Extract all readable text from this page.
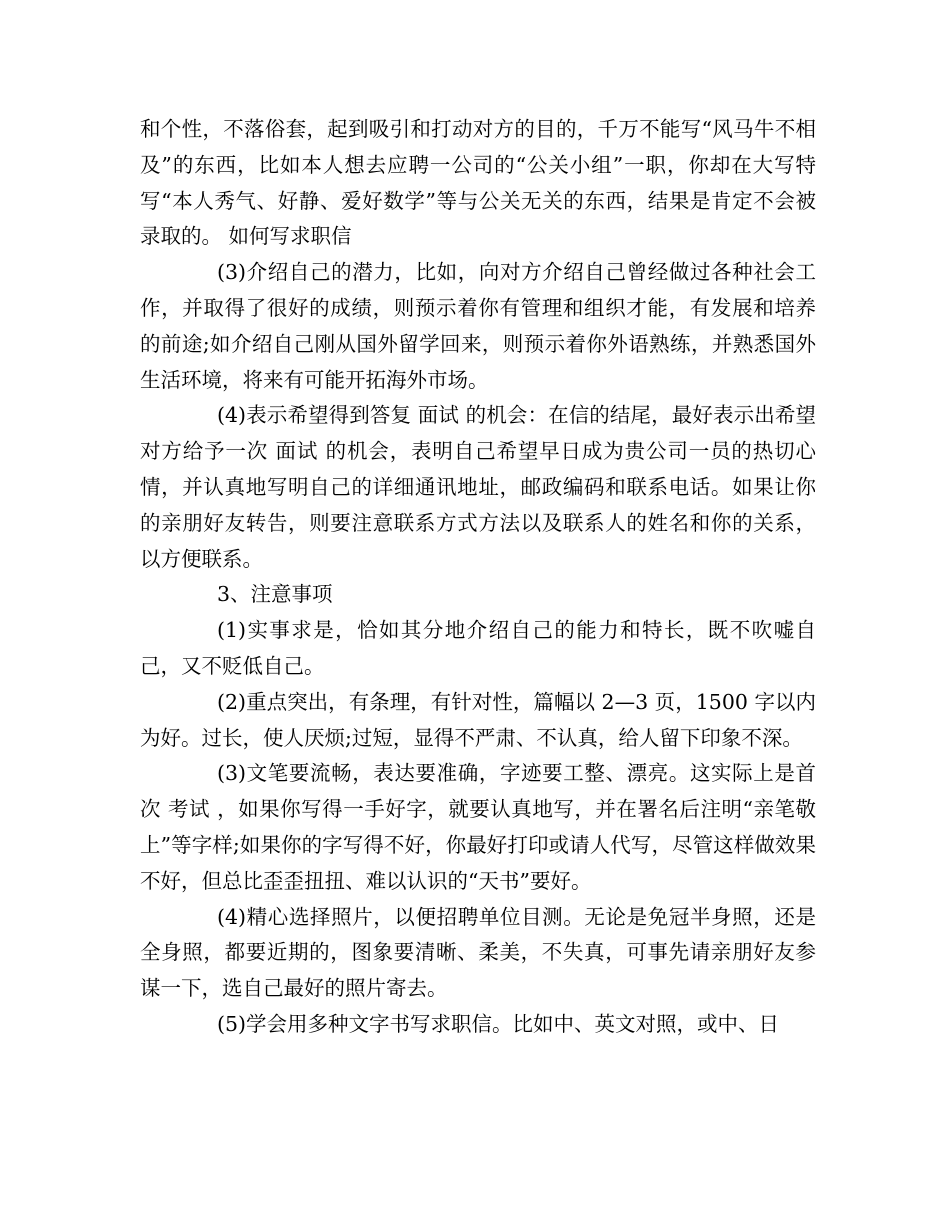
和个性，不落俗套，起到吸引和打动对方的目的，千万不能写“风马牛不相及”的东西，比如本人想去应聘一公司的“公关小组”一职，你却在大写特写“本人秀气、好静、爱好数学”等与公关无关的东西，结果是肯定不会被录取的。 如何写求职信

(3)介绍自己的潜力，比如，向对方介绍自己曾经做过各种社会工作，并取得了很好的成绩，则预示着你有管理和组织才能，有发展和培养的前途;如介绍自己刚从国外留学回来，则预示着你外语熟练，并熟悉国外生活环境，将来有可能开拓海外市场。

(4)表示希望得到答复 面试 的机会：在信的结尾，最好表示出希望对方给予一次 面试 的机会，表明自己希望早日成为贵公司一员的热切心情，并认真地写明自己的详细通讯地址，邮政编码和联系电话。如果让你的亲朋好友转告，则要注意联系方式方法以及联系人的姓名和你的关系，以方便联系。

3、注意事项

(1)实事求是，恰如其分地介绍自己的能力和特长，既不吹嘘自己，又不贬低自己。

(2)重点突出，有条理，有针对性，篇幅以 2—3 页，1500 字以内为好。过长，使人厌烦;过短，显得不严肃、不认真，给人留下印象不深。

(3)文笔要流畅，表达要准确，字迹要工整、漂亮。这实际上是首次 考试 ，如果你写得一手好字，就要认真地写，并在署名后注明“亲笔敬上”等字样;如果你的字写得不好，你最好打印或请人代写，尽管这样做效果不好，但总比歪歪扭扭、难以认识的“天书”要好。

(4)精心选择照片，以便招聘单位目测。无论是免冠半身照，还是全身照，都要近期的，图象要清晰、柔美，不失真，可事先请亲朋好友参谋一下，选自己最好的照片寄去。

(5)学会用多种文字书写求职信。比如中、英文对照，或中、日
